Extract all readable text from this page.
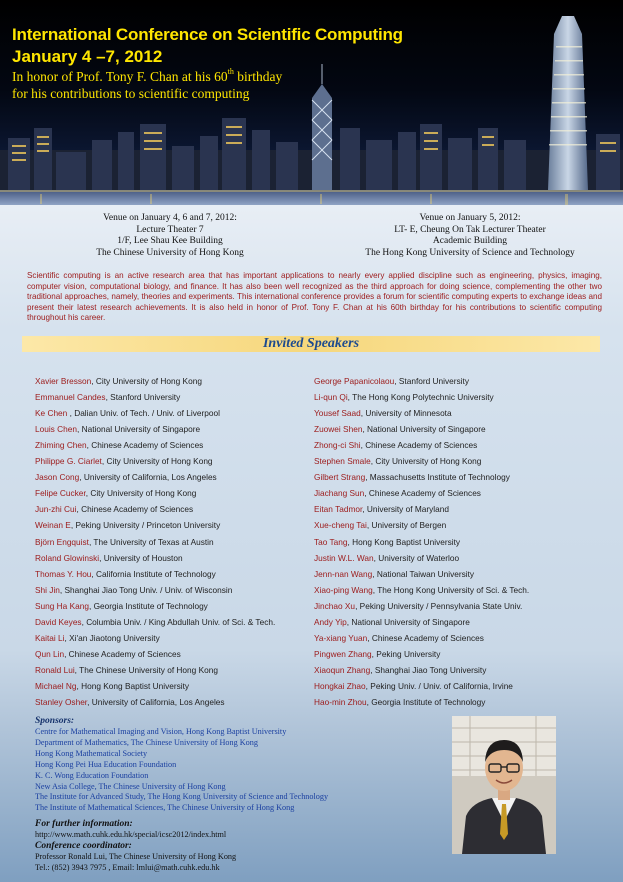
International Conference on Scientific Computing
January 4 –7, 2012
In honor of Prof. Tony F. Chan at his 60th birthday
for his contributions to scientific computing
Venue on January 4, 6 and 7, 2012:
Lecture Theater 7
1/F, Lee Shau Kee Building
The Chinese University of Hong Kong
Venue on January 5, 2012:
LT- E, Cheung On Tak Lecturer Theater
Academic Building
The Hong Kong University of Science and Technology
Scientific computing is an active research area that has important applications to nearly every applied discipline such as engineering, physics, imaging, computer vision, computational biology, and finance. It has also been well recognized as the third approach for doing science, complementing the other two traditional approaches, namely, theories and experiments. This international conference provides a forum for scientific computing experts to exchange ideas and present their latest research achievements. It is also held in honor of Prof. Tony F. Chan at his 60th birthday for his contributions to scientific computing throughout his career.
Invited Speakers
Xavier Bresson, City University of Hong Kong
Emmanuel Candes, Stanford University
Ke Chen , Dalian Univ. of Tech. / Univ. of Liverpool
Louis Chen, National University of Singapore
Zhiming Chen, Chinese Academy of Sciences
Philippe G. Ciarlet, City University of Hong Kong
Jason Cong, University of California, Los Angeles
Felipe Cucker, City University of Hong Kong
Jun-zhi Cui, Chinese Academy of Sciences
Weinan E, Peking University / Princeton University
Björn Engquist, The University of Texas at Austin
Roland Glowinski, University of Houston
Thomas Y. Hou, California Institute of Technology
Shi Jin, Shanghai Jiao Tong Univ. / Univ. of Wisconsin
Sung Ha Kang, Georgia Institute of Technology
David Keyes, Columbia Univ. / King Abdullah Univ. of Sci. & Tech.
Kaitai Li, Xi'an Jiaotong University
Qun Lin, Chinese Academy of Sciences
Ronald Lui, The Chinese University of Hong Kong
Michael Ng, Hong Kong Baptist University
Stanley Osher, University of California, Los Angeles
George Papanicolaou, Stanford University
Li-qun Qi, The Hong Kong Polytechnic University
Yousef Saad, University of Minnesota
Zuowei Shen, National University of Singapore
Zhong-ci Shi, Chinese Academy of Sciences
Stephen Smale, City University of Hong Kong
Gilbert Strang, Massachusetts Institute of Technology
Jiachang Sun, Chinese Academy of Sciences
Eitan Tadmor, University of Maryland
Xue-cheng Tai, University of Bergen
Tao Tang, Hong Kong Baptist University
Justin W.L. Wan, University of Waterloo
Jenn-nan Wang, National Taiwan University
Xiao-ping Wang, The Hong Kong University of Sci. & Tech.
Jinchao Xu, Peking University / Pennsylvania State Univ.
Andy Yip, National University of Singapore
Ya-xiang Yuan, Chinese Academy of Sciences
Pingwen Zhang, Peking University
Xiaoqun Zhang, Shanghai Jiao Tong University
Hongkai Zhao, Peking Univ. / Univ. of California, Irvine
Hao-min Zhou, Georgia Institute of Technology
Sponsors:
Centre for Mathematical Imaging and Vision, Hong Kong Baptist University
Department of Mathematics, The Chinese University of Hong Kong
Hong Kong Mathematical Society
Hong Kong Pei Hua Education Foundation
K. C. Wong Education Foundation
New Asia College, The Chinese University of Hong Kong
The Institute for Advanced Study, The Hong Kong University of Science and Technology
The Institute of Mathematical Sciences, The Chinese University of Hong Kong
For further information:
http://www.math.cuhk.edu.hk/special/icsc2012/index.html
Conference coordinator:
Professor Ronald Lui, The Chinese University of Hong Kong
Tel.: (852) 3943 7975 , Email: lmlui@math.cuhk.edu.hk
